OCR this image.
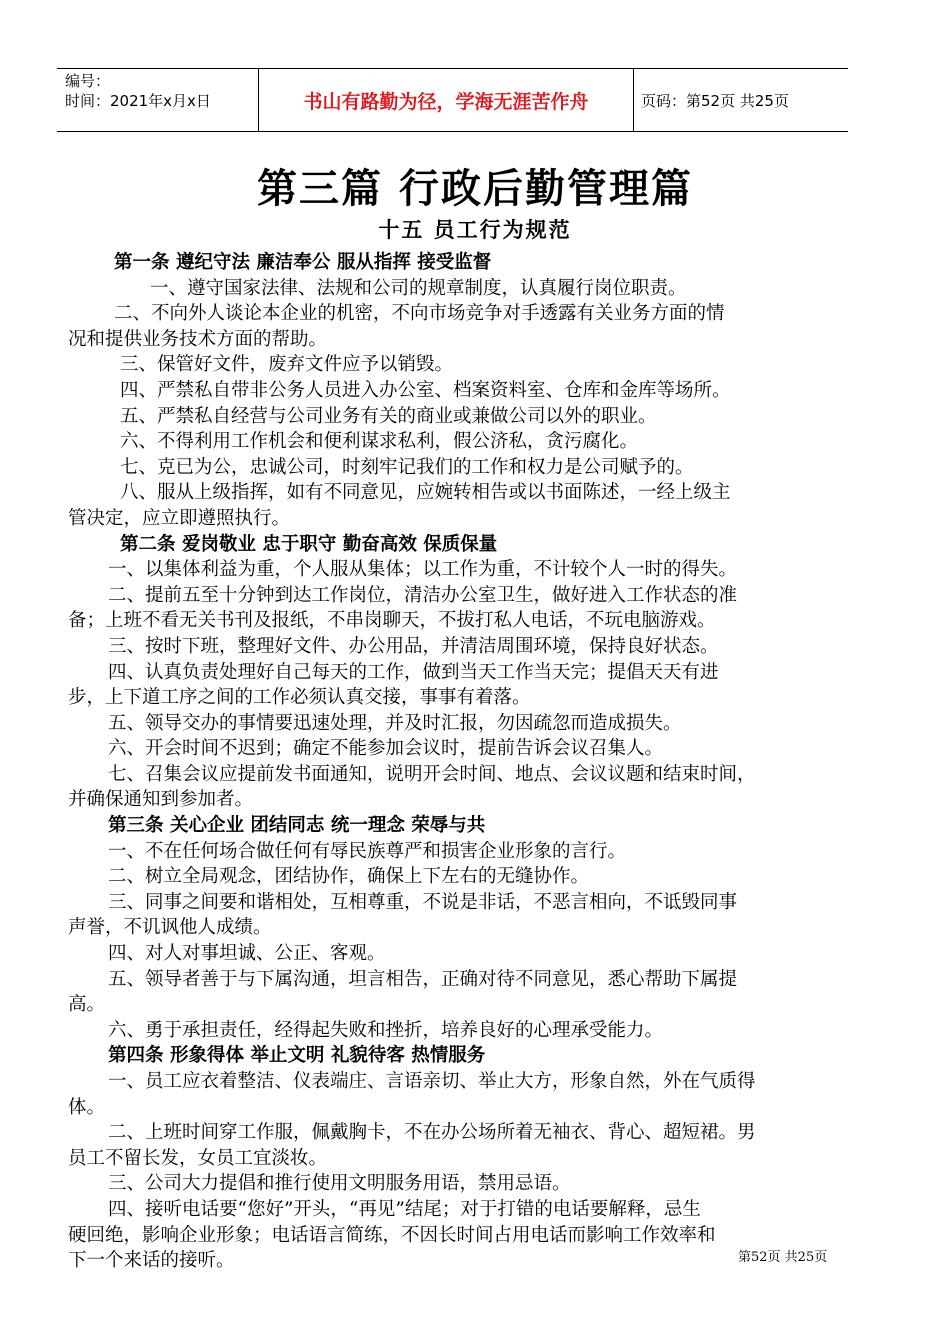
编号：
时间：2021年x月x日	书山有路勤为径，学海无涯苦作舟	页码：第52页 共25页
第三篇 行政后勤管理篇
十五 员工行为规范
第一条 遵纪守法 廉洁奉公 服从指挥 接受监督
一、遵守国家法律、法规和公司的规章制度，认真履行岗位职责。
二、不向外人谈论本企业的机密，不向市场竞争对手透露有关业务方面的情
况和提供业务技术方面的帮助。
三、保管好文件，废弃文件应予以销毁。
四、严禁私自带非公务人员进入办公室、档案资料室、仓库和金库等场所。
五、严禁私自经营与公司业务有关的商业或兼做公司以外的职业。
六、不得利用工作机会和便利谋求私利，假公济私，贪污腐化。
七、克已为公，忠诚公司，时刻牢记我们的工作和权力是公司赋予的。
八、服从上级指挥，如有不同意见，应婉转相告或以书面陈述，一经上级主
管决定，应立即遵照执行。
第二条 爱岗敬业 忠于职守 勤奋高效 保质保量
一、以集体利益为重，个人服从集体；以工作为重，不计较个人一时的得失。
二、提前五至十分钟到达工作岗位，清洁办公室卫生，做好进入工作状态的准
备；上班不看无关书刊及报纸，不串岗聊天，不拔打私人电话，不玩电脑游戏。
三、按时下班，整理好文件、办公用品，并清洁周围环境，保持良好状态。
四、认真负责处理好自己每天的工作，做到当天工作当天完；提倡天天有进
步，上下道工序之间的工作必须认真交接，事事有着落。
五、领导交办的事情要迅速处理，并及时汇报，勿因疏忽而造成损失。
六、开会时间不迟到；确定不能参加会议时，提前告诉会议召集人。
七、召集会议应提前发书面通知，说明开会时间、地点、会议议题和结束时间，
并确保通知到参加者。
第三条 关心企业 团结同志 统一理念 荣辱与共
一、不在任何场合做任何有辱民族尊严和损害企业形象的言行。
二、树立全局观念，团结协作，确保上下左右的无缝协作。
三、同事之间要和谐相处，互相尊重，不说是非话，不恶言相向，不诋毁同事
声誉，不讥讽他人成绩。
四、对人对事坦诚、公正、客观。
五、领导者善于与下属沟通，坦言相告，正确对待不同意见，悉心帮助下属提
高。
六、勇于承担责任，经得起失败和挫折，培养良好的心理承受能力。
第四条 形象得体 举止文明 礼貌待客 热情服务
一、员工应衣着整洁、仪表端庄、言语亲切、举止大方，形象自然，外在气质得
体。
二、上班时间穿工作服，佩戴胸卡，不在办公场所着无袖衣、背心、超短裙。男
员工不留长发，女员工宜淡妆。
三、公司大力提倡和推行使用文明服务用语，禁用忌语。
四、接听电话要“您好”开头，“再见”结尾；对于打错的电话要解释，忌生
硬回绝，影响企业形象；电话语言简练，不因长时间占用电话而影响工作效率和
下一个来话的接听。	第52页 共25页
